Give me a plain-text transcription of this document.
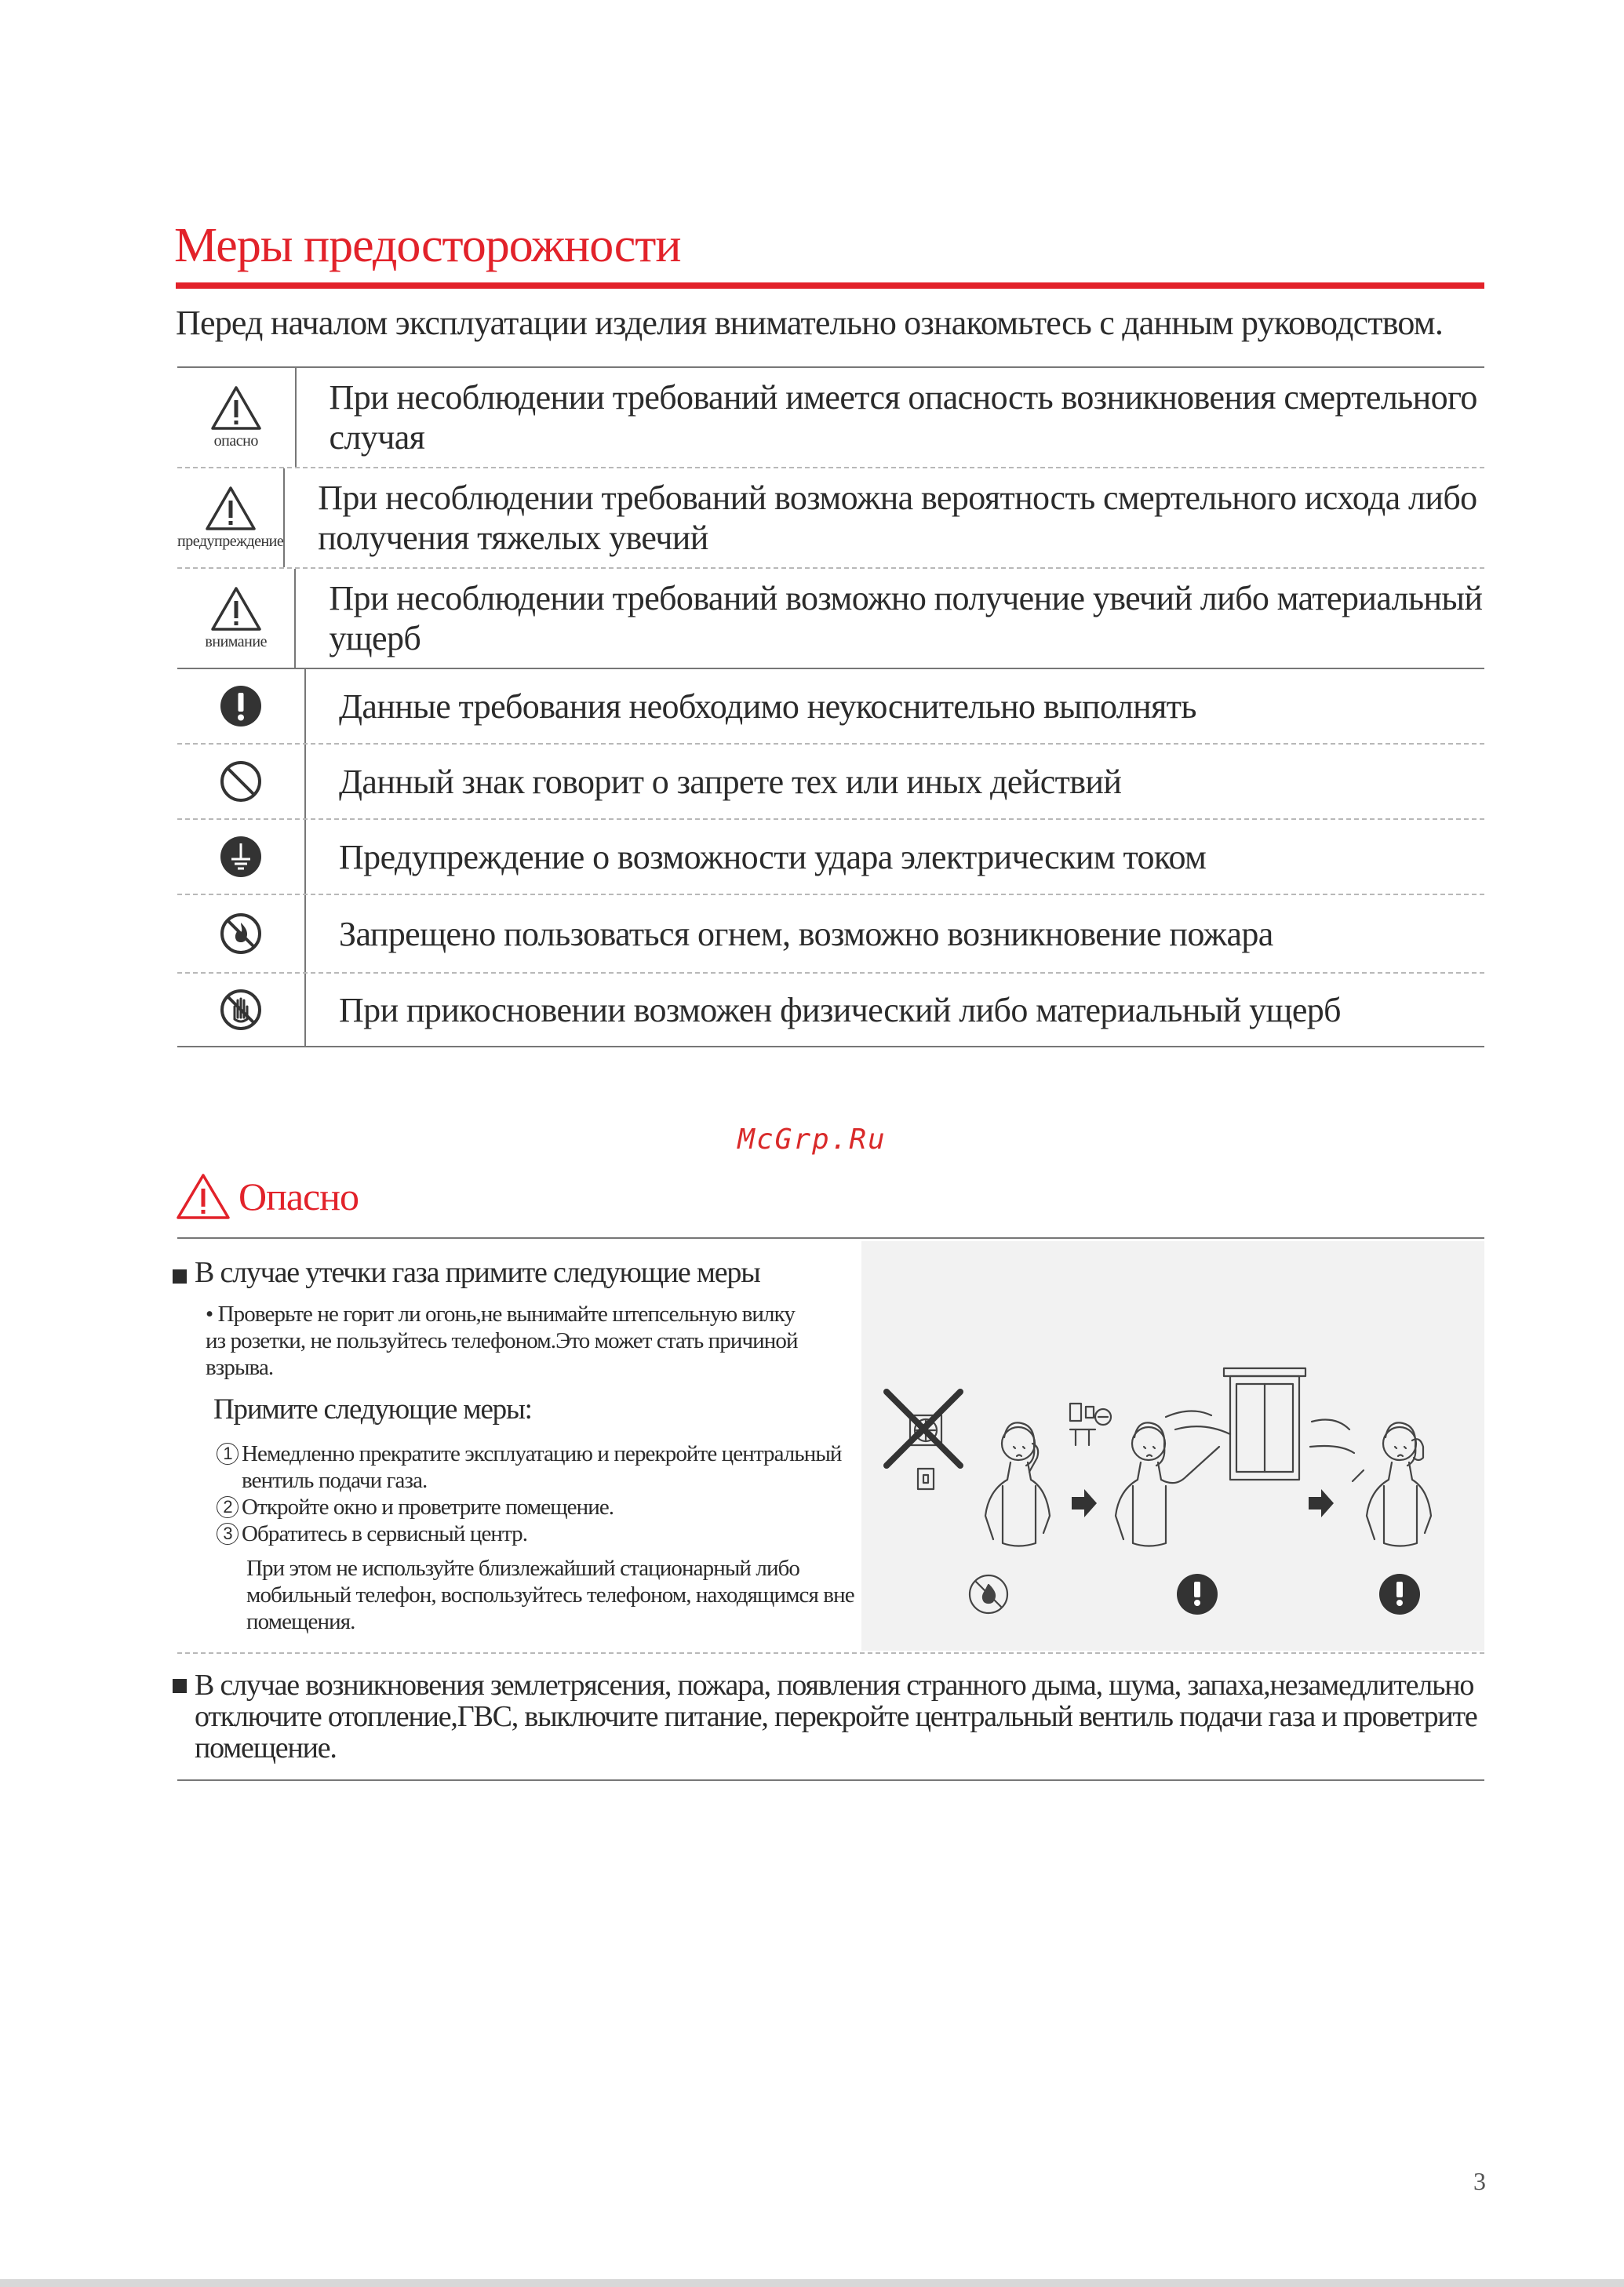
Меры предосторожности
Перед началом эксплуатации изделия внимательно ознакомьтесь с данным руководством.
опасно
При несоблюдении требований имеется опасность возникновения смертельного случая
предупреждение
При несоблюдении требований возможна вероятность смертельного исхода либо получения тяжелых увечий
внимание
При несоблюдении требований возможно получение увечий либо материальный ущерб
Данные требования необходимо неукоснительно выполнять
Данный знак говорит о запрете тех или иных действий
Предупреждение о возможности удара электрическим током
Запрещено пользоваться огнем, возможно возникновение пожара
При прикосновении возможен физический либо материальный ущерб
McGrp.Ru
Опасно
В случае утечки газа примите следующие меры
• Проверьте не горит ли огонь,не вынимайте штепсельную вилку из розетки, не пользуйтесь телефоном.Это может стать причиной взрыва.
Примите следующие меры:
1 Немедленно прекратите эксплуатацию и перекройте центральный вентиль подачи газа.
2 Откройте окно и проветрите помещение.
3 Обратитесь в сервисный центр.
При этом не используйте близлежайший стационарный либо мобильный телефон, воспользуйтесь телефоном, находящимся вне помещения.
В случае возникновения землетрясения, пожара, появления странного дыма, шума, запаха,незамедлительно отключите отопление,ГВС, выключите питание, перекройте центральный вентиль подачи газа и проветрите помещение.
3
